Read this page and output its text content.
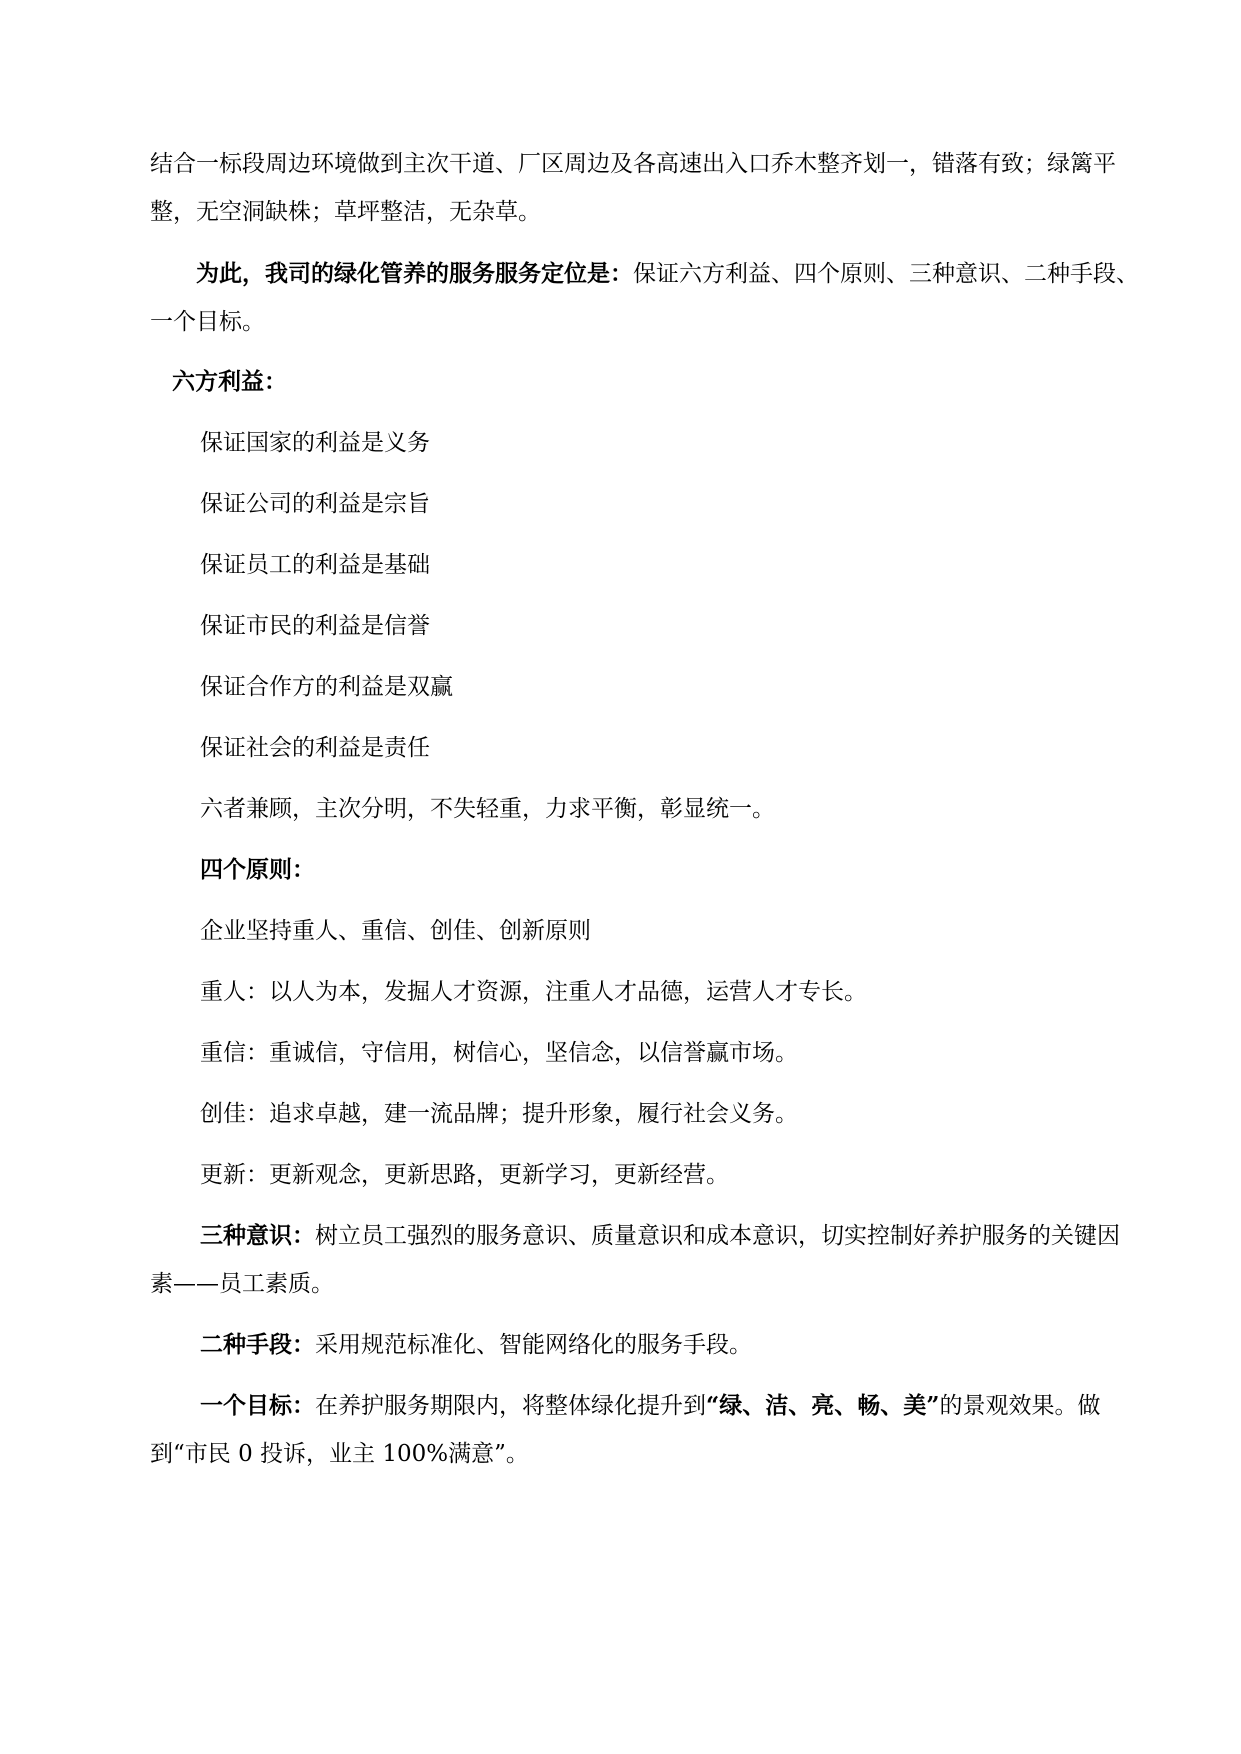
结合一标段周边环境做到主次干道、厂区周边及各高速出入口乔木整齐划一，错落有致；绿篱平整，无空洞缺株；草坪整洁，无杂草。

为此，我司的绿化管养的服务服务定位是：保证六方利益、四个原则、三种意识、二种手段、一个目标。

六方利益：

保证国家的利益是义务

保证公司的利益是宗旨

保证员工的利益是基础

保证市民的利益是信誉

保证合作方的利益是双赢

保证社会的利益是责任

六者兼顾，主次分明，不失轻重，力求平衡，彰显统一。

四个原则：

企业坚持重人、重信、创佳、创新原则

重人：以人为本，发掘人才资源，注重人才品德，运营人才专长。

重信：重诚信，守信用，树信心，坚信念，以信誉赢市场。

创佳：追求卓越，建一流品牌；提升形象，履行社会义务。

更新：更新观念，更新思路，更新学习，更新经营。

三种意识：树立员工强烈的服务意识、质量意识和成本意识，切实控制好养护服务的关键因素——员工素质。

二种手段：采用规范标准化、智能网络化的服务手段。

一个目标：在养护服务期限内，将整体绿化提升到“绿、洁、亮、畅、美”的景观效果。做到“市民 0 投诉，业主 100%满意”。
